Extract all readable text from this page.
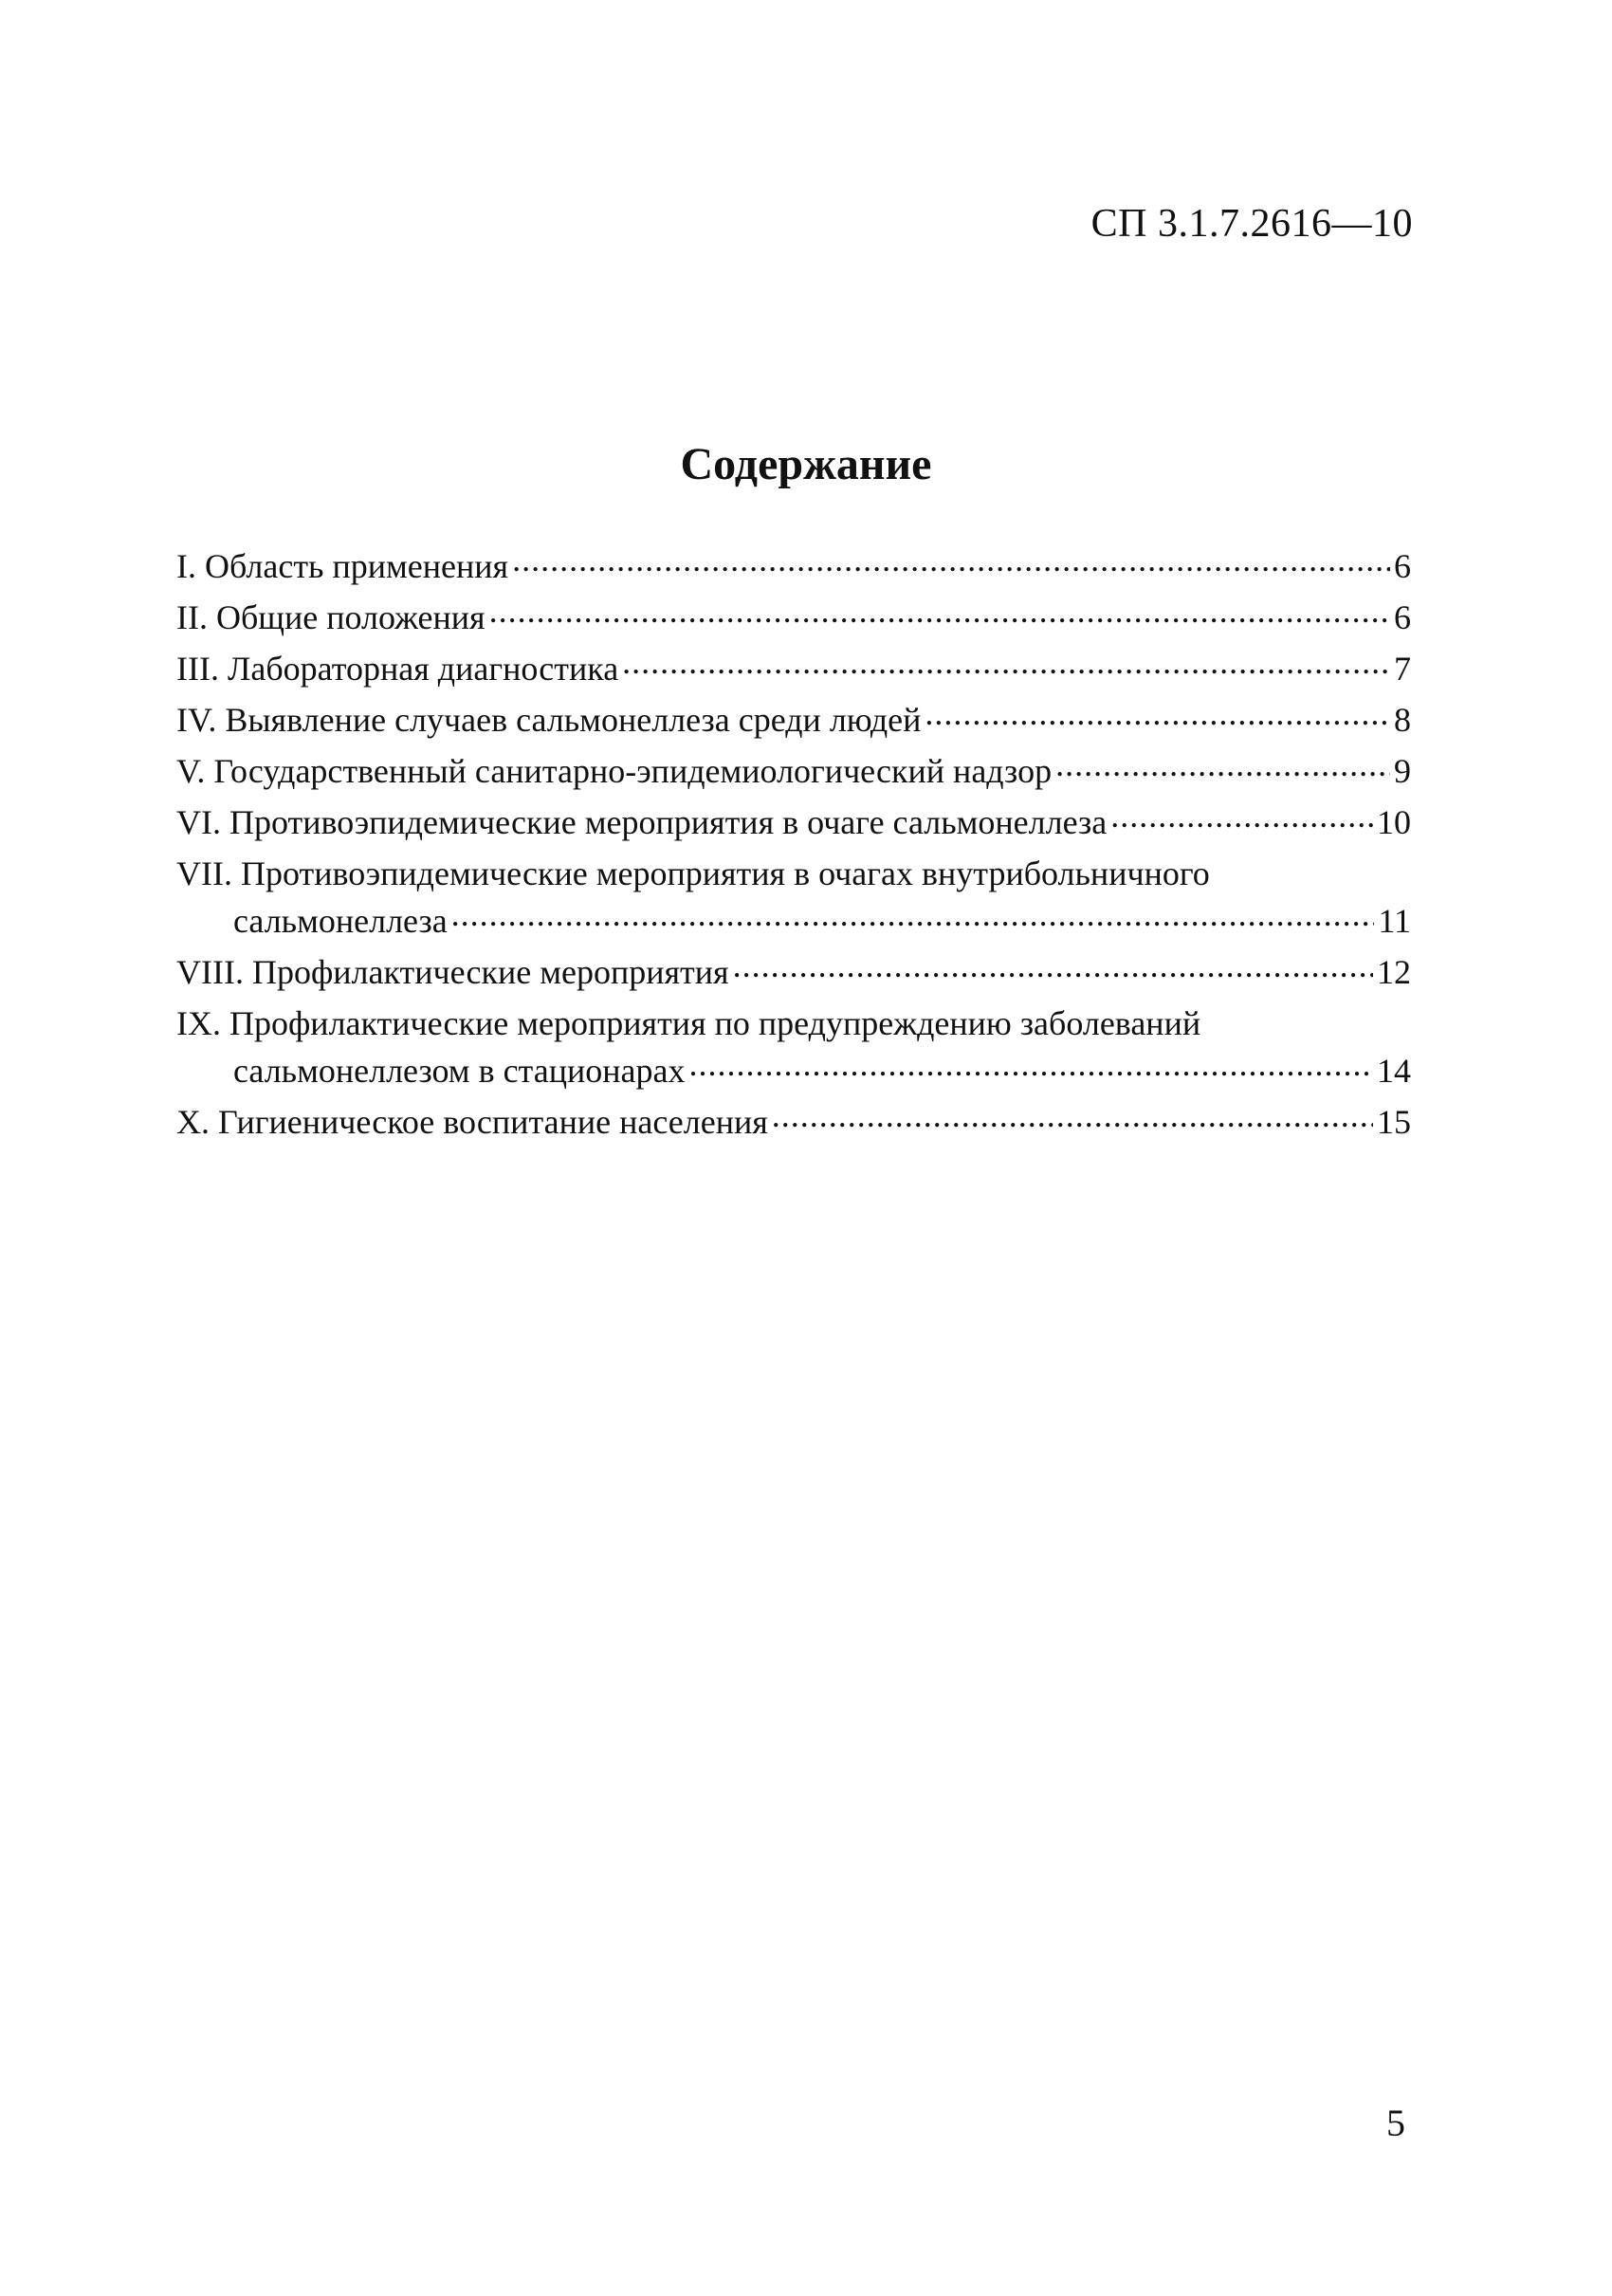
СП 3.1.7.2616—10
Содержание
I. Область применения .....	6
II. Общие положения .....	6
III. Лабораторная диагностика .....	7
IV. Выявление случаев сальмонеллеза среди людей .....	8
V. Государственный санитарно-эпидемиологический надзор .....	9
VI. Противоэпидемические мероприятия в очаге сальмонеллеза .....	10
VII. Противоэпидемические мероприятия в очагах внутрибольничного
сальмонеллеза .....	11
VIII. Профилактические мероприятия .....	12
IX. Профилактические мероприятия по предупреждению заболеваний
сальмонеллезом в стационарах .....	14
X. Гигиеническое воспитание населения .....	15
5
